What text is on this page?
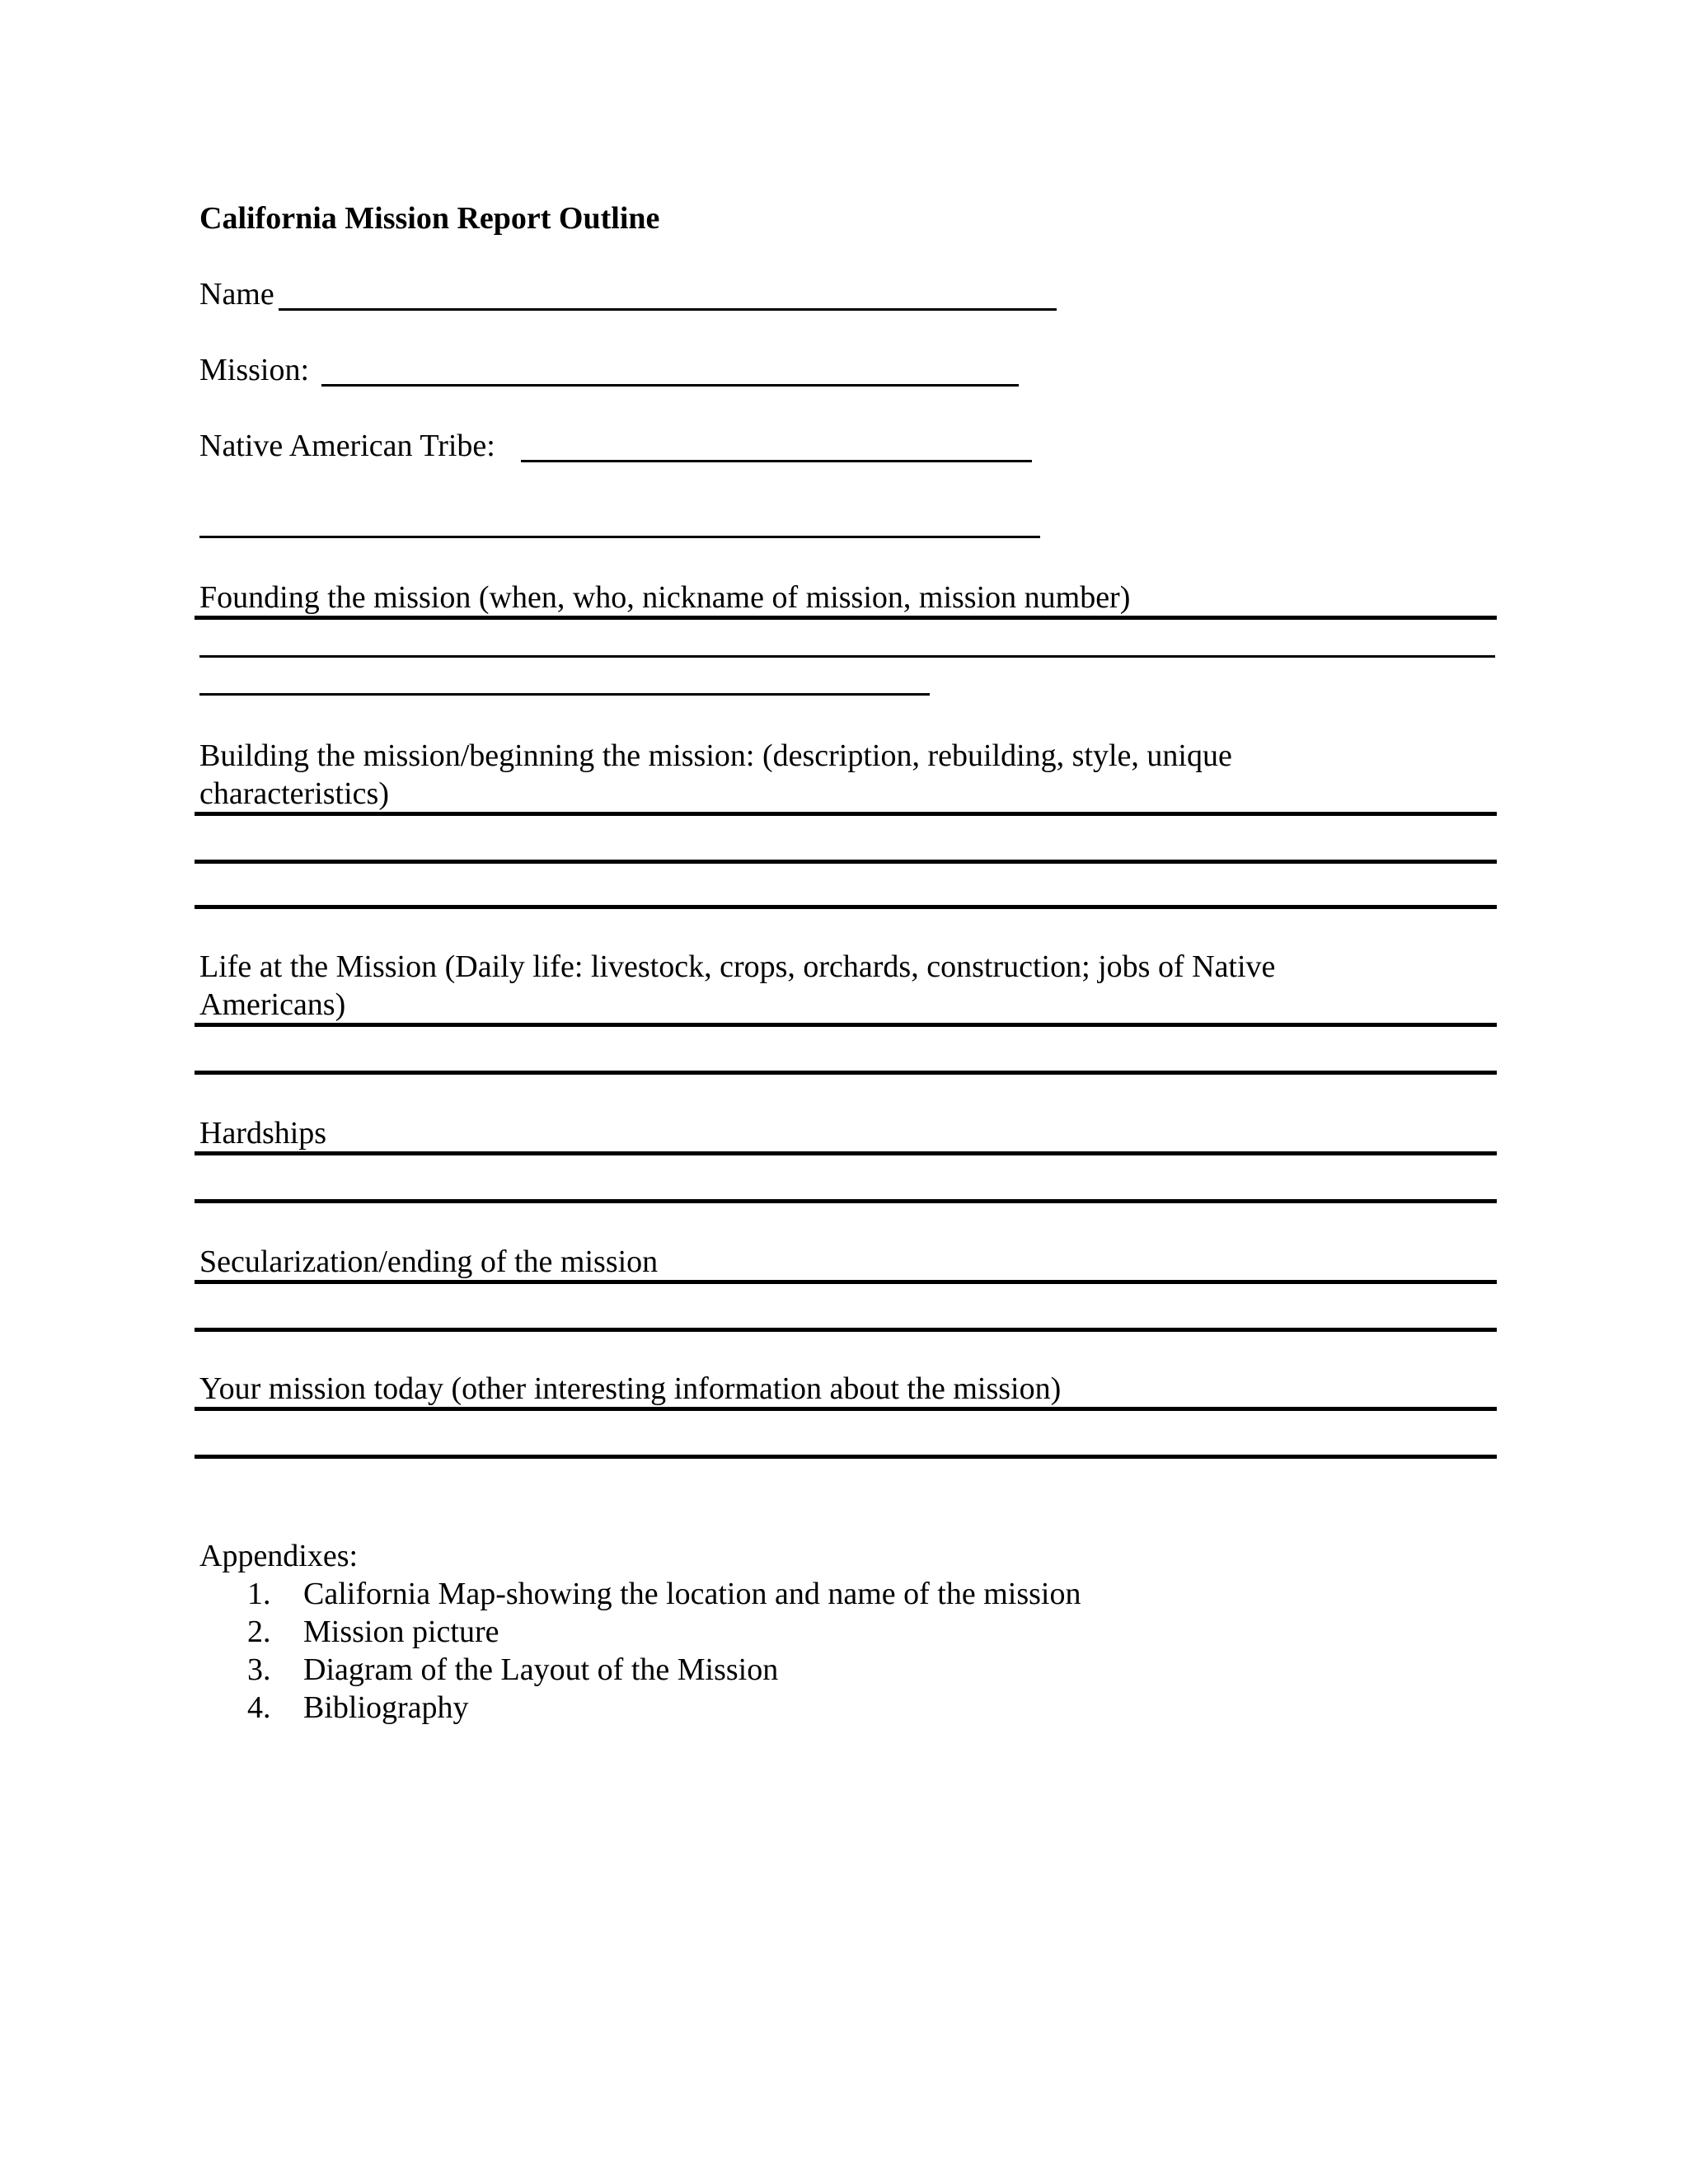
California Mission Report Outline
Name
Mission:
Native American Tribe:
Founding the mission (when, who, nickname of mission, mission number)
Building the mission/beginning the mission: (description, rebuilding, style, unique
characteristics)
Life at the Mission (Daily life: livestock, crops, orchards, construction; jobs of Native
Americans)
Hardships
Secularization/ending of the mission
Your mission today (other interesting information about the mission)
Appendixes:
1. California Map-showing the location and name of the mission
2. Mission picture
3. Diagram of the Layout of the Mission
4. Bibliography
